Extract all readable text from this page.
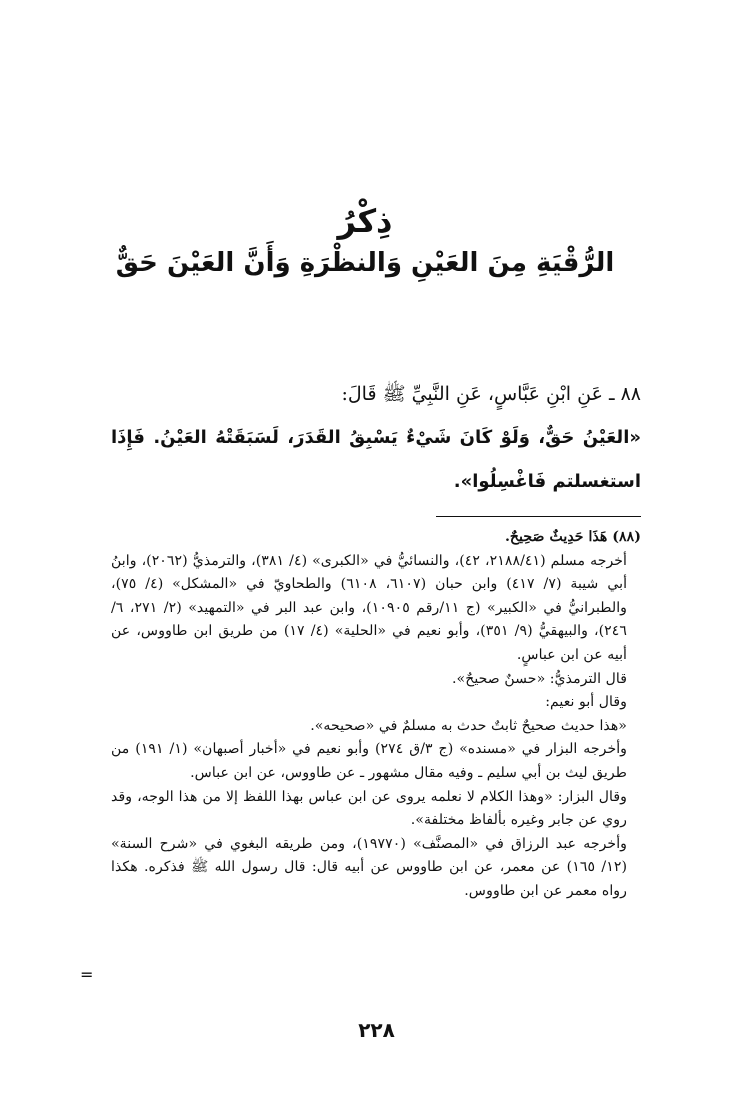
ذِكْرُ
الرُّقْيَةِ مِنَ العَيْنِ وَالنظْرَةِ وَأَنَّ العَيْنَ حَقٌّ
٨٨ ـ عَنِ ابْنِ عَبَّاسٍ، عَنِ النَّبِيِّ ﷺ قَالَ:
«العَيْنُ حَقٌّ، وَلَوْ كَانَ شَيْءٌ يَسْبِقُ القَدَرَ، لَسَبَقَتْهُ العَيْنُ. فَإِذَا استغسلتم فَاغْسِلُوا».

(٨٨) هَذَا حَدِيثٌ صَحِيحٌ.

أخرجه مسلم (٢١٨٨/٤١، ٤٢)، والنسائيُّ في «الكبرى» (٤/ ٣٨١)، والترمذيُّ (٢٠٦٢)، وابنُ أبي شيبة (٧/ ٤١٧) وابن حبان (٦١٠٧، ٦١٠٨) والطحاويّ في «المشكل» (٤/ ٧٥)، والطبرانيُّ في «الكبير» (ج ١١/رقم ١٠٩٠٥)، وابن عبد البر في «التمهيد» (٢/ ٢٧١، ٦/ ٢٤٦)، والبيهقيُّ (٩/ ٣٥١)، وأبو نعيم في «الحلية» (٤/ ١٧) من طريق ابن طاووس، عن أبيه عن ابن عباسٍ.

قال الترمذيُّ: «حسنٌ صحيحٌ».

وقال أبو نعيم:

«هذا حديث صحيحٌ ثابتٌ حدث به مسلمٌ في «صحيحه».

وأخرجه البزار في «مسنده» (ج ٣/ق ٢٧٤) وأبو نعيم في «أخبار أصبهان» (١/ ١٩١) من طريق ليث بن أبي سليم ـ وفيه مقال مشهور ـ عن طاووس، عن ابن عباس.

وقال البزار: «وهذا الكلام لا نعلمه يروى عن ابن عباس بهذا اللفظ إلا من هذا الوجه، وقد روي عن جابر وغيره بألفاظ مختلفة».

وأخرجه عبد الرزاق في «المصنَّف» (١٩٧٧٠)، ومن طريقه البغوي في «شرح السنة» (١٢/ ١٦٥) عن معمر، عن ابن طاووس عن أبيه قال: قال رسول الله ﷺ فذكره. هكذا رواه معمر عن ابن طاووس.

=
٢٢٨
